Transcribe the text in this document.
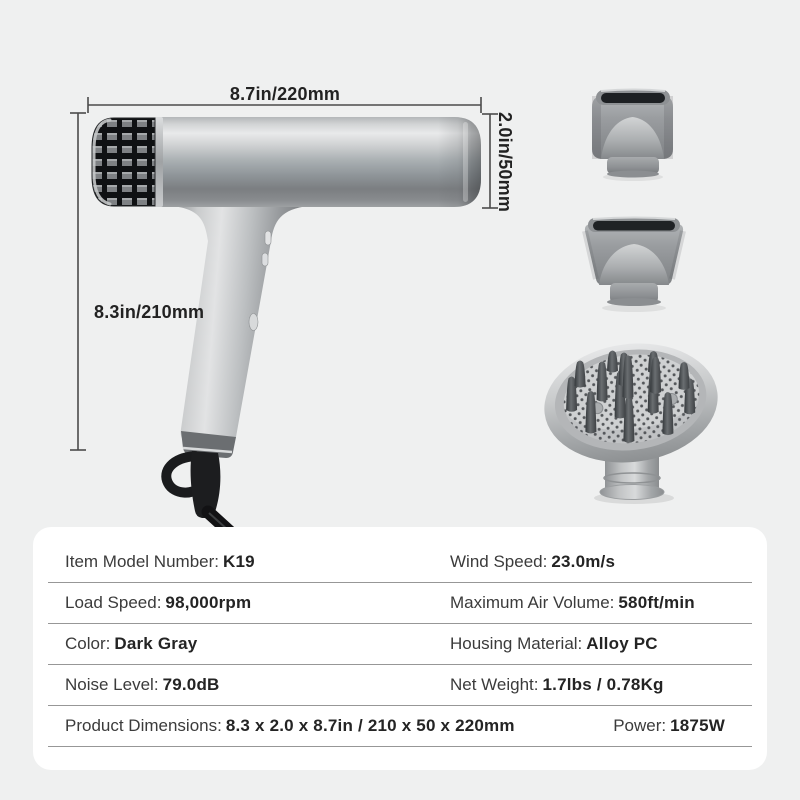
8.7in/220mm
8.3in/210mm
2.0in/50mm
Item Model Number: K19	Wind Speed: 23.0m/s
Load Speed: 98,000rpm	Maximum Air Volume: 580ft/min
Color: Dark Gray	Housing Material: Alloy PC
Noise Level: 79.0dB	Net Weight: 1.7lbs / 0.78Kg
Product Dimensions: 8.3 x 2.0 x 8.7in / 210 x 50 x 220mm	Power: 1875W
